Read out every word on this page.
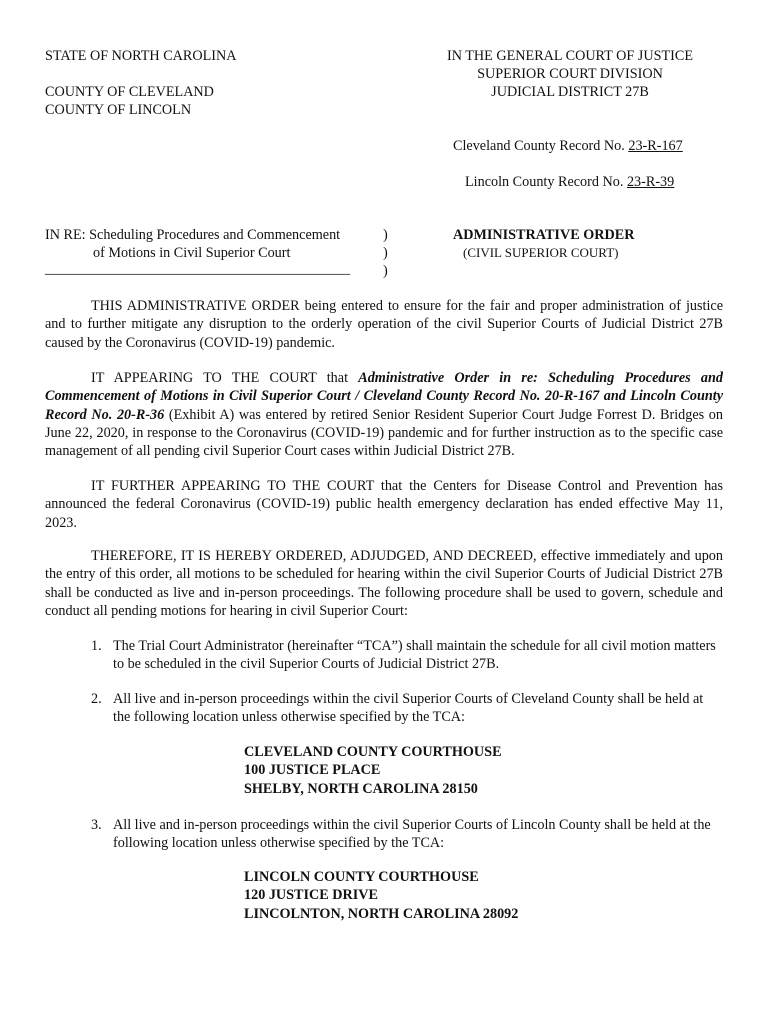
STATE OF NORTH CAROLINA
COUNTY OF CLEVELAND
COUNTY OF LINCOLN
IN THE GENERAL COURT OF JUSTICE
SUPERIOR COURT DIVISION
JUDICIAL DISTRICT 27B
Cleveland County Record No. 23-R-167
Lincoln County Record No. 23-R-39
IN RE: Scheduling Procedures and Commencement
of Motions in Civil Superior Court
___________________________________________
)
)
)
ADMINISTRATIVE ORDER
(CIVIL SUPERIOR COURT)
THIS ADMINISTRATIVE ORDER being entered to ensure for the fair and proper administration of justice and to further mitigate any disruption to the orderly operation of the civil Superior Courts of Judicial District 27B caused by the Coronavirus (COVID-19) pandemic.
IT APPEARING TO THE COURT that Administrative Order in re: Scheduling Procedures and Commencement of Motions in Civil Superior Court / Cleveland County Record No. 20-R-167 and Lincoln County Record No. 20-R-36 (Exhibit A) was entered by retired Senior Resident Superior Court Judge Forrest D. Bridges on June 22, 2020, in response to the Coronavirus (COVID-19) pandemic and for further instruction as to the specific case management of all pending civil Superior Court cases within Judicial District 27B.
IT FURTHER APPEARING TO THE COURT that the Centers for Disease Control and Prevention has announced the federal Coronavirus (COVID-19) public health emergency declaration has ended effective May 11, 2023.
THEREFORE, IT IS HEREBY ORDERED, ADJUDGED, AND DECREED, effective immediately and upon the entry of this order, all motions to be scheduled for hearing within the civil Superior Courts of Judicial District 27B shall be conducted as live and in-person proceedings. The following procedure shall be used to govern, schedule and conduct all pending motions for hearing in civil Superior Court:
1. The Trial Court Administrator (hereinafter “TCA”) shall maintain the schedule for all civil motion matters to be scheduled in the civil Superior Courts of Judicial District 27B.
2. All live and in-person proceedings within the civil Superior Courts of Cleveland County shall be held at the following location unless otherwise specified by the TCA:
CLEVELAND COUNTY COURTHOUSE
100 JUSTICE PLACE
SHELBY, NORTH CAROLINA 28150
3. All live and in-person proceedings within the civil Superior Courts of Lincoln County shall be held at the following location unless otherwise specified by the TCA:
LINCOLN COUNTY COURTHOUSE
120 JUSTICE DRIVE
LINCOLNTON, NORTH CAROLINA 28092
